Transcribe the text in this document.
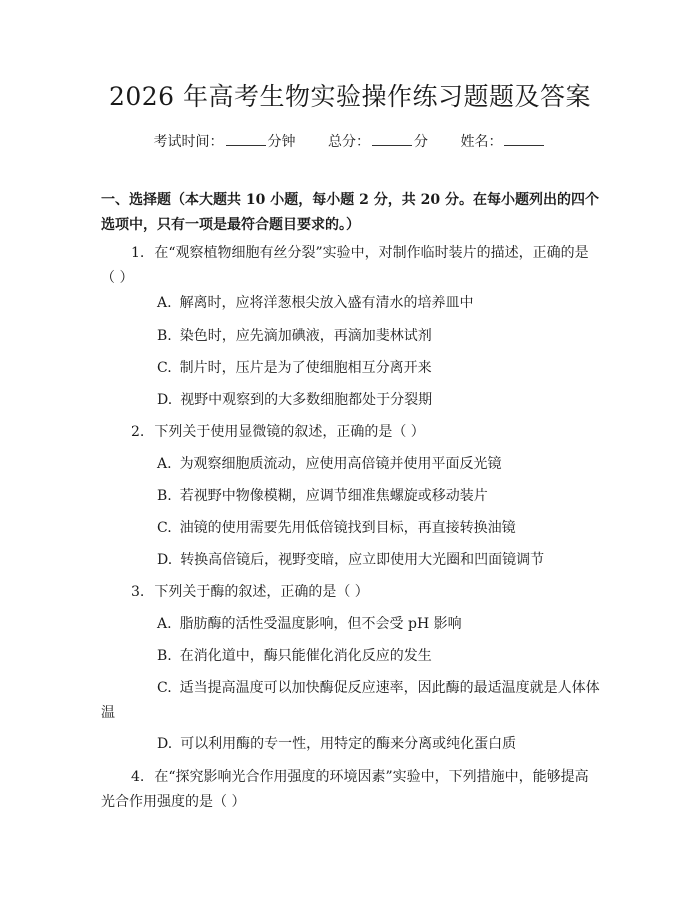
2026 年高考生物实验操作练习题题及答案
考试时间：	分钟 总分：	分 姓名：
一、选择题（本大题共 10 小题，每小题 2 分，共 20 分。在每小题列出的四个选项中，只有一项是最符合题目要求的。）
1. 在“观察植物细胞有丝分裂”实验中，对制作临时装片的描述，正确的是（ ）
A. 解离时，应将洋葱根尖放入盛有清水的培养皿中
B. 染色时，应先滴加碘液，再滴加斐林试剂
C. 制片时，压片是为了使细胞相互分离开来
D. 视野中观察到的大多数细胞都处于分裂期
2. 下列关于使用显微镜的叙述，正确的是（ ）
A. 为观察细胞质流动，应使用高倍镜并使用平面反光镜
B. 若视野中物像模糊，应调节细准焦螺旋或移动装片
C. 油镜的使用需要先用低倍镜找到目标，再直接转换油镜
D. 转换高倍镜后，视野变暗，应立即使用大光圈和凹面镜调节
3. 下列关于酶的叙述，正确的是（ ）
A. 脂肪酶的活性受温度影响，但不会受 pH 影响
B. 在消化道中，酶只能催化消化反应的发生
C. 适当提高温度可以加快酶促反应速率，因此酶的最适温度就是人体体温
D. 可以利用酶的专一性，用特定的酶来分离或纯化蛋白质
4. 在“探究影响光合作用强度的环境因素”实验中，下列措施中，能够提高光合作用强度的是（ ）
